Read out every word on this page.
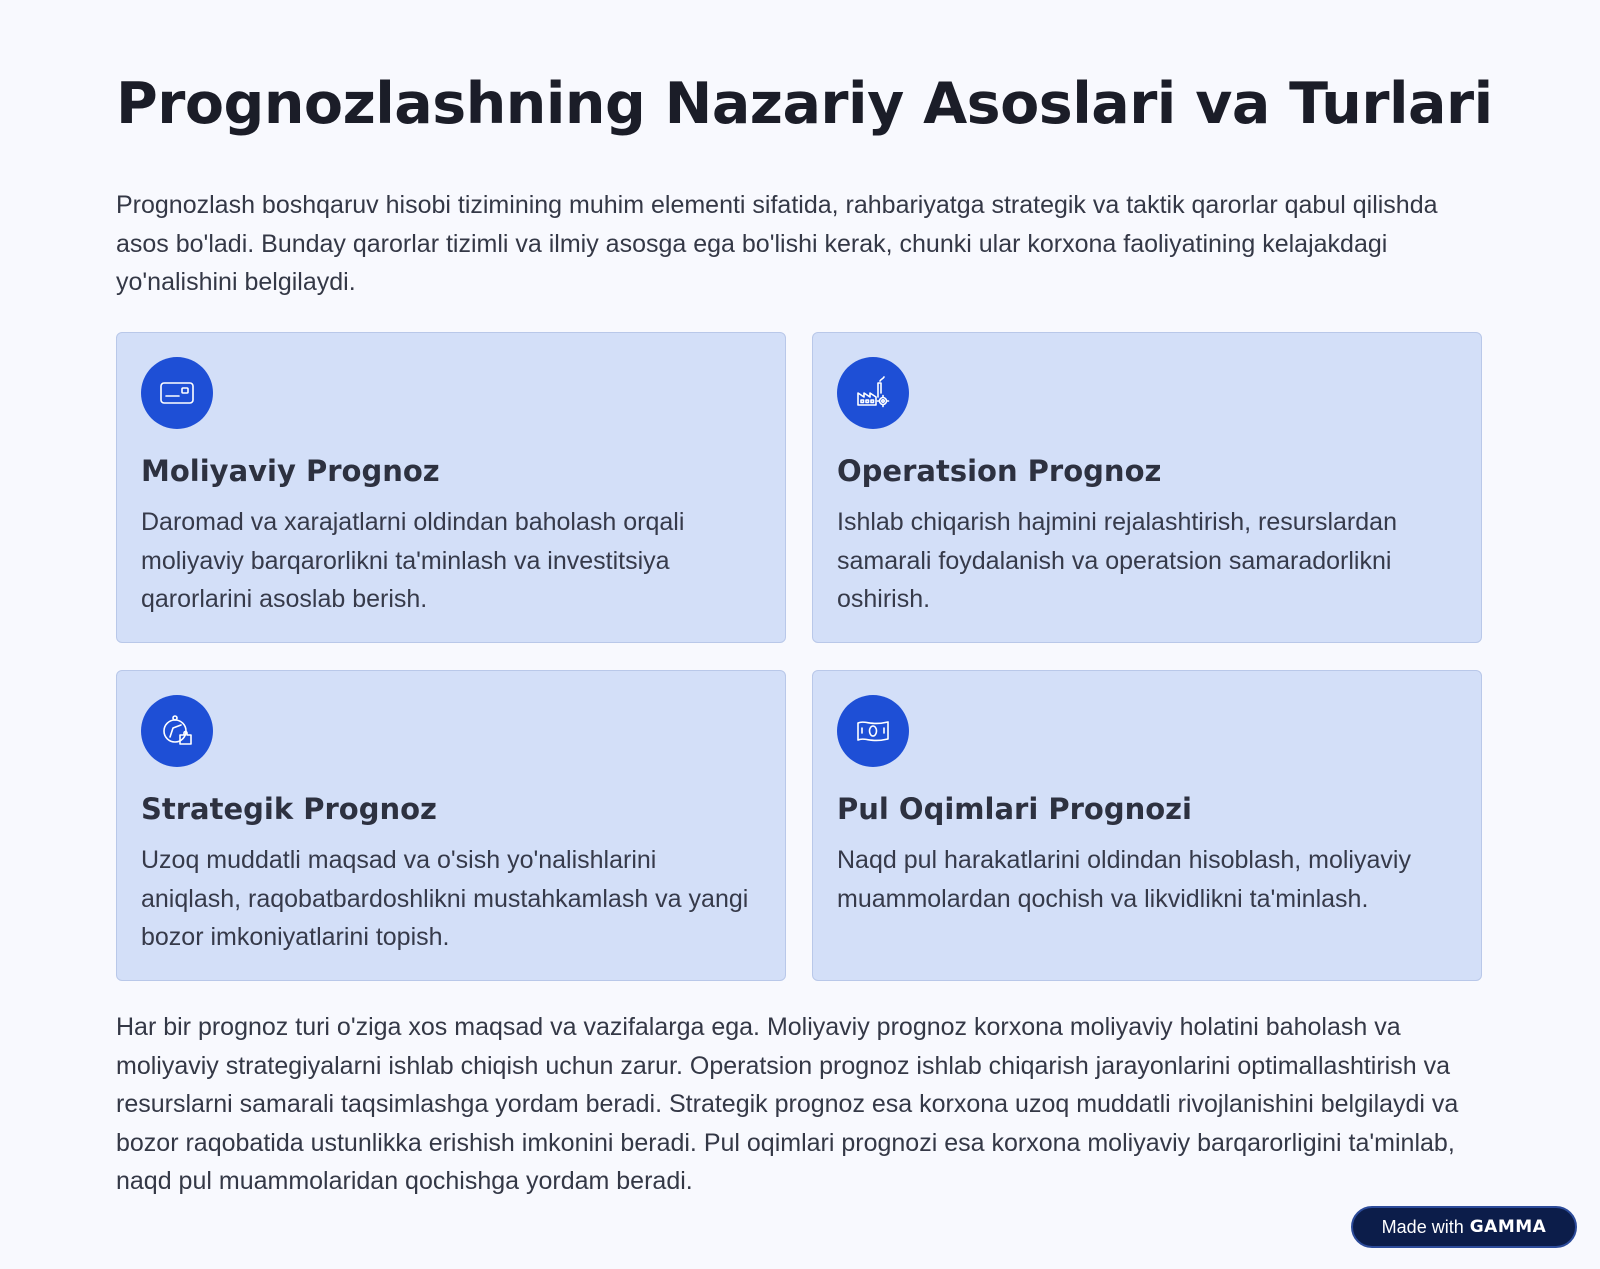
Prognozlashning Nazariy Asoslari va Turlari

Prognozlash boshqaruv hisobi tizimining muhim elementi sifatida, rahbariyatga strategik va taktik qarorlar qabul qilishda asos bo'ladi. Bunday qarorlar tizimli va ilmiy asosga ega bo'lishi kerak, chunki ular korxona faoliyatining kelajakdagi yo'nalishini belgilaydi.

Moliyaviy Prognoz

Daromad va xarajatlarni oldindan baholash orqali moliyaviy barqarorlikni ta'minlash va investitsiya qarorlarini asoslab berish.

Operatsion Prognoz

Ishlab chiqarish hajmini rejalashtirish, resurslardan samarali foydalanish va operatsion samaradorlikni oshirish.

Strategik Prognoz

Uzoq muddatli maqsad va o'sish yo'nalishlarini aniqlash, raqobatbardoshlikni mustahkamlash va yangi bozor imkoniyatlarini topish.

Pul Oqimlari Prognozi

Naqd pul harakatlarini oldindan hisoblash, moliyaviy muammolardan qochish va likvidlikni ta'minlash.

Har bir prognoz turi o'ziga xos maqsad va vazifalarga ega. Moliyaviy prognoz korxona moliyaviy holatini baholash va moliyaviy strategiyalarni ishlab chiqish uchun zarur. Operatsion prognoz ishlab chiqarish jarayonlarini optimallashtirish va resurslarni samarali taqsimlashga yordam beradi. Strategik prognoz esa korxona uzoq muddatli rivojlanishini belgilaydi va bozor raqobatida ustunlikka erishish imkonini beradi. Pul oqimlari prognozi esa korxona moliyaviy barqarorligini ta'minlab, naqd pul muammolaridan qochishga yordam beradi.

Made with GAMMA
